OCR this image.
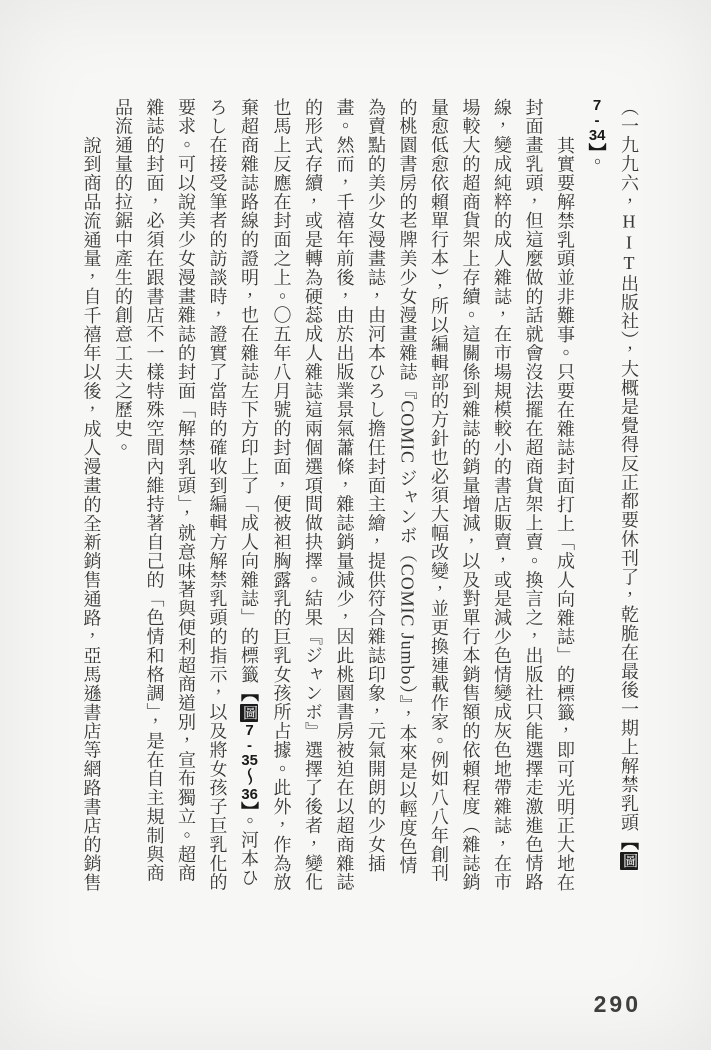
（一九九六，HIT出版社），大概是覺得反正都要休刊了，乾脆在最後一期上解禁乳頭【圖7-34】。

其實要解禁乳頭並非難事。只要在雜誌封面打上「成人向雜誌」的標籤，即可光明正大地在封面畫乳頭，但這麼做的話就會沒法擺在超商貨架上賣。換言之，出版社只能選擇走激進色情路線，變成純粹的成人雜誌，在市場規模較小的書店販賣，或是減少色情變成灰色地帶雜誌，在市場較大的超商貨架上存續。這關係到雜誌的銷量增減，以及對單行本銷售額的依賴程度（雜誌銷量愈低愈依賴單行本），所以編輯部的方針也必須大幅改變，並更換連載作家。例如八八年創刊的桃園書房的老牌美少女漫畫雜誌『COMIC ジャンボ（COMIC Jumbo）』，本來是以輕度色情為賣點的美少女漫畫誌，由河本ひろし擔任封面主繪，提供符合雜誌印象，元氣開朗的少女插畫。然而，千禧年前後，由於出版業景氣蕭條，雜誌銷量減少，因此桃園書房被迫在以超商雜誌的形式存續，或是轉為硬蕊成人雜誌這兩個選項間做抉擇。結果『ジャンボ』選擇了後者，變化也馬上反應在封面之上。〇五年八月號的封面，便被袒胸露乳的巨乳女孩所占據。此外，作為放棄超商雜誌路線的證明，也在雜誌左下方印上了「成人向雜誌」的標籤【圖7-35〜36】。河本ひろし在接受筆者的訪談時，證實了當時的確收到編輯方解禁乳頭的指示，以及將女孩子巨乳化的要求。可以說美少女漫畫雜誌的封面「解禁乳頭」，就意味著與便利超商道別，宣布獨立。超商雜誌的封面，必須在跟書店不一樣特殊空間內維持著自己的「色情和格調」，是在自主規制與商品流通量的拉鋸中產生的創意工夫之歷史。

說到商品流通量，自千禧年以後，成人漫畫的全新銷售通路，亞馬遜書店等網路書店的銷售

290
